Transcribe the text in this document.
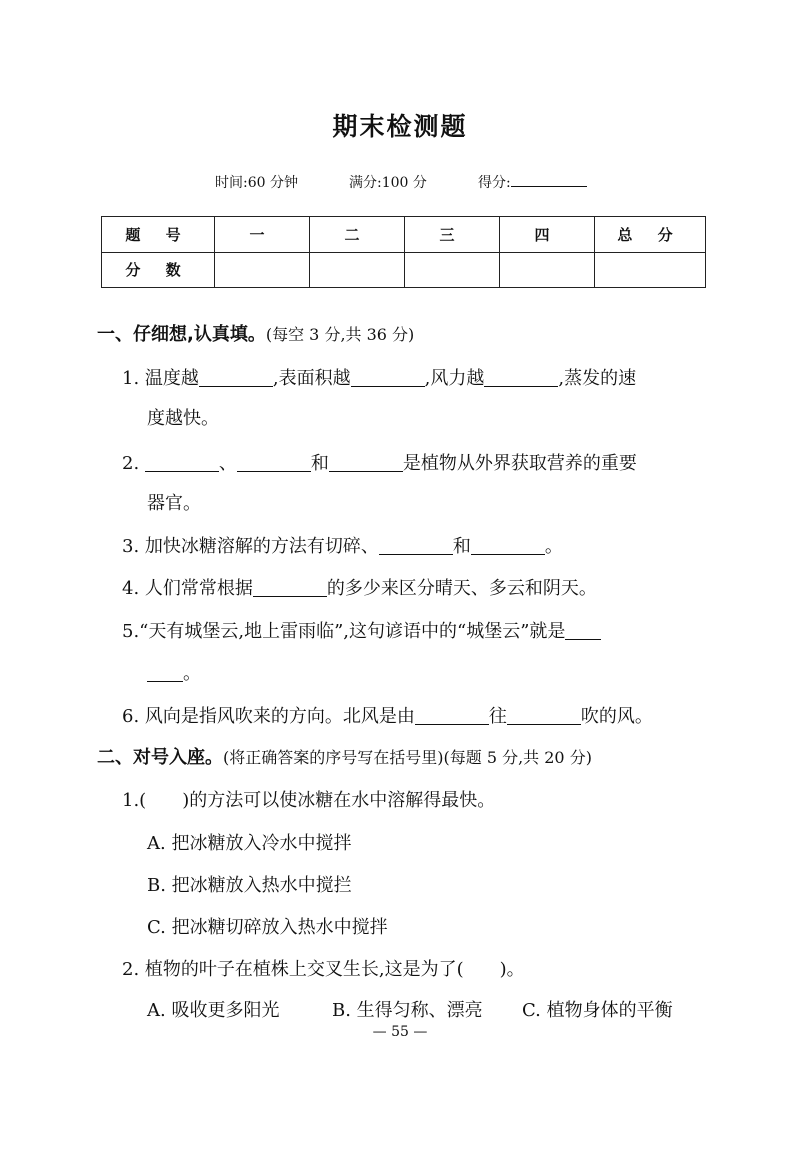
期末检测题
时间:60 分钟	满分:100 分	得分:
题 号	一	二	三	四	总 分
分 数					
一、仔细想,认真填。(每空 3 分,共 36 分)
1. 温度越	,表面积越	,风力越	,蒸发的速
度越快。
2.	、	和	是植物从外界获取营养的重要
器官。
3. 加快冰糖溶解的方法有切碎、	和	。
4. 人们常常根据	的多少来区分晴天、多云和阴天。
5.“天有城堡云,地上雷雨临”,这句谚语中的“城堡云”就是
。
6. 风向是指风吹来的方向。北风是由	往	吹的风。
二、对号入座。(将正确答案的序号写在括号里)(每题 5 分,共 20 分)
1.( )的方法可以使冰糖在水中溶解得最快。
A. 把冰糖放入冷水中搅拌
B. 把冰糖放入热水中搅拦
C. 把冰糖切碎放入热水中搅拌
2. 植物的叶子在植株上交叉生长,这是为了( )。
A. 吸收更多阳光	B. 生得匀称、漂亮 C. 植物身体的平衡
— 55 —
